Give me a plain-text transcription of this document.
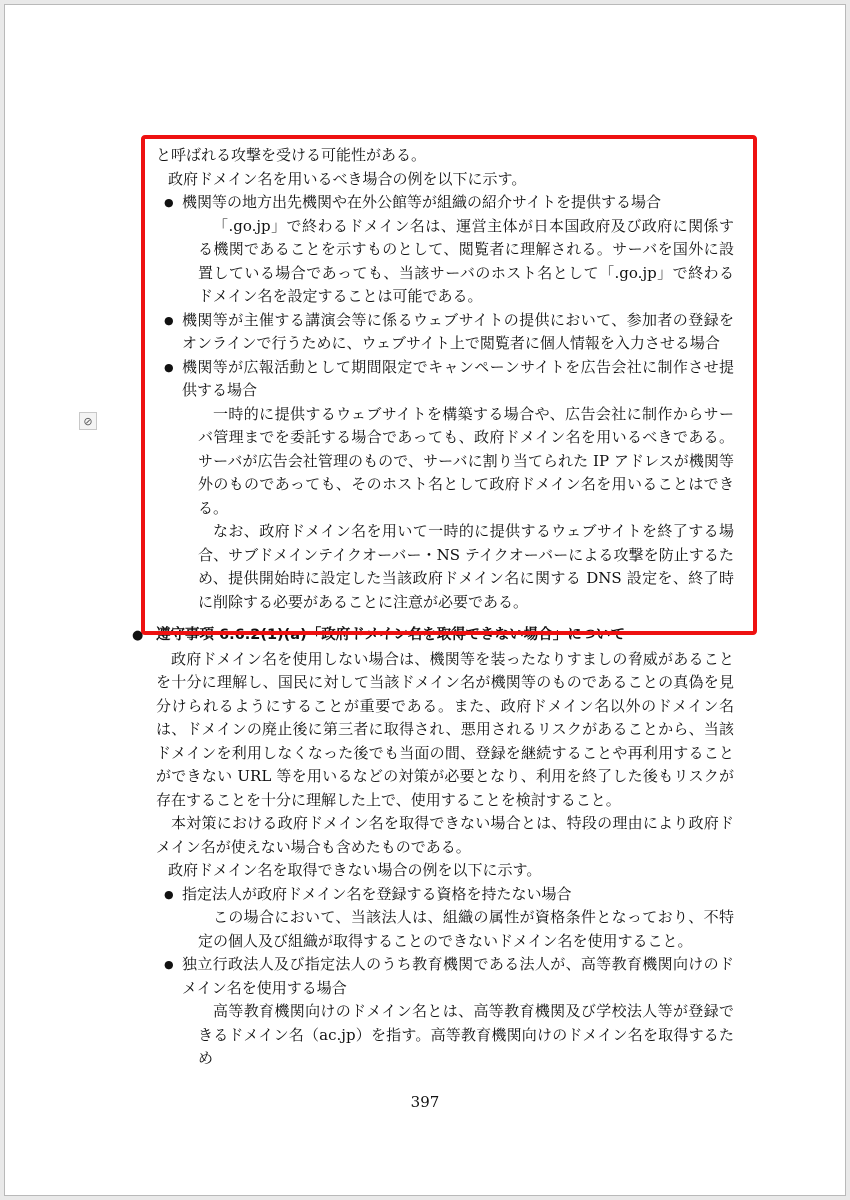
⊘

と呼ばれる攻撃を受ける可能性がある。

政府ドメイン名を用いるべき場合の例を以下に示す。

● 機関等の地方出先機関や在外公館等が組織の紹介サイトを提供する場合

「.go.jp」で終わるドメイン名は、運営主体が日本国政府及び政府に関係する機関であることを示すものとして、閲覧者に理解される。サーバを国外に設置している場合であっても、当該サーバのホスト名として「.go.jp」で終わるドメイン名を設定することは可能である。

● 機関等が主催する講演会等に係るウェブサイトの提供において、参加者の登録をオンラインで行うために、ウェブサイト上で閲覧者に個人情報を入力させる場合

● 機関等が広報活動として期間限定でキャンペーンサイトを広告会社に制作させ提供する場合

一時的に提供するウェブサイトを構築する場合や、広告会社に制作からサーバ管理までを委託する場合であっても、政府ドメイン名を用いるべきである。サーバが広告会社管理のもので、サーバに割り当てられた IP アドレスが機関等外のものであっても、そのホスト名として政府ドメイン名を用いることはできる。

なお、政府ドメイン名を用いて一時的に提供するウェブサイトを終了する場合、サブドメインテイクオーバー・NS テイクオーバーによる攻撃を防止するため、提供開始時に設定した当該政府ドメイン名に関する DNS 設定を、終了時に削除する必要があることに注意が必要である。

● 遵守事項 6.6.2(1)(a)「政府ドメイン名を取得できない場合」について

政府ドメイン名を使用しない場合は、機関等を装ったなりすましの脅威があることを十分に理解し、国民に対して当該ドメイン名が機関等のものであることの真偽を見分けられるようにすることが重要である。また、政府ドメイン名以外のドメイン名は、ドメインの廃止後に第三者に取得され、悪用されるリスクがあることから、当該ドメインを利用しなくなった後でも当面の間、登録を継続することや再利用することができない URL 等を用いるなどの対策が必要となり、利用を終了した後もリスクが存在することを十分に理解した上で、使用することを検討すること。

本対策における政府ドメイン名を取得できない場合とは、特段の理由により政府ドメイン名が使えない場合も含めたものである。

政府ドメイン名を取得できない場合の例を以下に示す。

● 指定法人が政府ドメイン名を登録する資格を持たない場合

この場合において、当該法人は、組織の属性が資格条件となっており、不特定の個人及び組織が取得することのできないドメイン名を使用すること。

● 独立行政法人及び指定法人のうち教育機関である法人が、高等教育機関向けのドメイン名を使用する場合

高等教育機関向けのドメイン名とは、高等教育機関及び学校法人等が登録できるドメイン名（ac.jp）を指す。高等教育機関向けのドメイン名を取得するため

397
